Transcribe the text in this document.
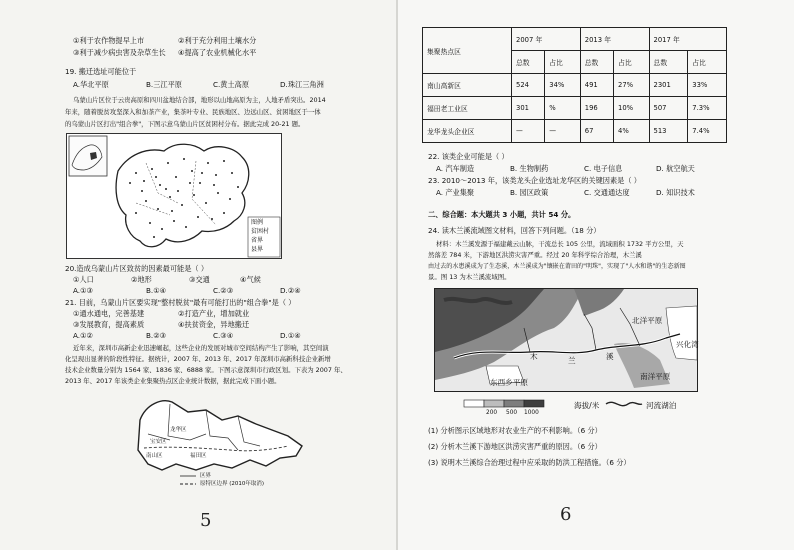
①利于农作物提早上市	②利于充分利用土壤水分
③利于减少病虫害及杂草生长 ④提高了农业机械化水平
19. 搬迁选址可能位于
A.华北平原	B.三江平原	C.黄土高原	D.珠江三角洲
乌蒙山片区位于云贵高原和四川盆地结合部，地形以山地高原为主，人地矛盾突出。2014
年来，随着脱贫攻坚深入和加茶产业，集茶叶专业、民族地区、边远山区、贫困地区于一体
的乌蒙山片区打出"组合拳"，下图示意乌蒙山片区贫困村分布。据此完成 20-21 题。
图例
贫困村
省界
县界
20.造成乌蒙山片区致贫的因素最可能是（ ）
①人口	②地形	③交通	④气候
A.①③	B.①④	C.②③	D.②④
21. 目前，乌蒙山片区要实现"整村脱贫"最有可能打出的"组合拳"是（ ）
①通水通电，完善基建	②打造产业，增加就业
③发展教育，提高素质	④扶贫资金，异地搬迁
A.①②	B.②③	C.③④	D.①④
近年来，深圳市高新企业迅速崛起，这些企业的发展对城市空间结构产生了影响，其空间演
化呈现出显著的阶段性特征。据统计，2007 年、2013 年、2017 年深圳市高新科技企业新增
技术企业数量分别为 1564 家、1836 家、6888 家。下图示意深圳市行政区划。下表为 2007 年、
2013 年、2017 年该类企业集聚热点区企业统计数据，据此完成下面小题。
龙华区
宝安区
南山区	福田区
区界
原特区边界 (2010年取消)
5
集聚热点区	2007 年		2013 年		2017 年	
	总数	占比	总数	占比	总数	占比
南山高新区	524	34%	491	27%	2301	33%
福田老工业区	301	%	196	10%	507	7.3%
龙华龙头企业区	—	—	67	4%	513	7.4%
22. 该类企业可能是（ ）
A. 汽车制造	B. 生物制药	C. 电子信息	D. 航空航天
23. 2010～2013 年，该类龙头企业选址龙华区的关键因素是（ ）
A. 产业集聚	B. 园区政策	C. 交通通达度	D. 知识技术
二、综合题：本大题共 3 小题，共计 54 分。
24. 读木兰溪流域图文材料，回答下列问题。（18 分）
材料：木兰溪发源于福建戴云山脉，干流总长 105 公里，流域面积 1732 平方公里，天
然落差 784 米，下游地区洪涝灾害严重。经过 20 年科学综合治理，木兰溪
由过去的水患溪成为了生态溪，木兰溪成为"镶嵌在莆田的"明珠"，实现了"人水和谐"的生态新图
景。图 13 为木兰溪流域图。
北洋平原
兴化湾
木	兰	溪
东西乡平原
南洋平原
200 500 1000
海拔/米	河流湖泊
(1) 分析图示区域地形对农业生产的不利影响。（6 分）
(2) 分析木兰溪下游地区洪涝灾害严重的原因。（6 分）
(3) 说明木兰溪综合治理过程中应采取的防洪工程措施。（6 分）
6
